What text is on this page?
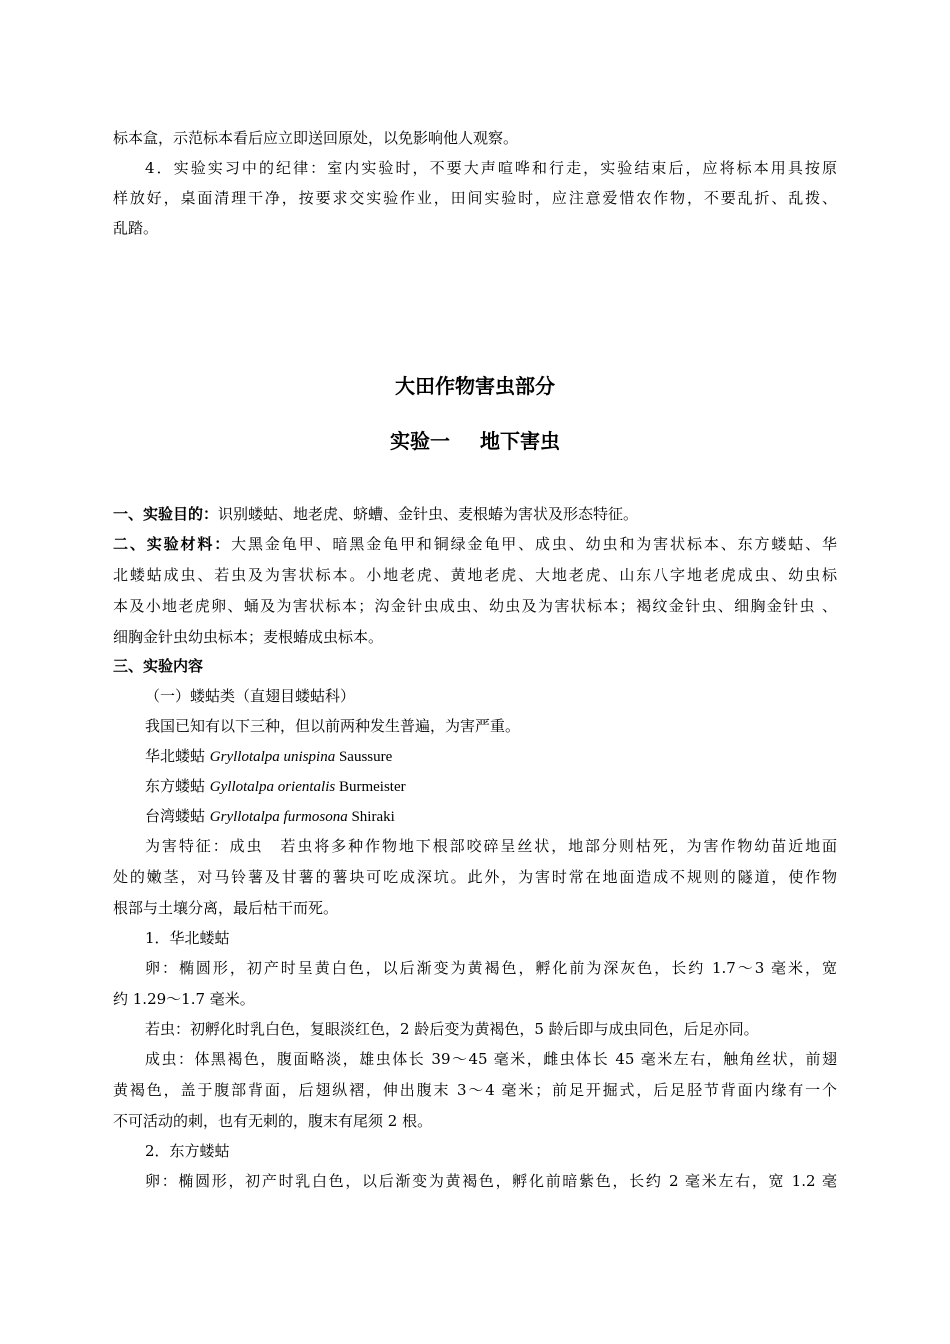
标本盒，示范标本看后应立即送回原处，以免影响他人观察。
4．实验实习中的纪律：室内实验时，不要大声喧哗和行走，实验结束后，应将标本用具按原
样放好，桌面清理干净，按要求交实验作业，田间实验时，应注意爱惜农作物，不要乱折、乱拨、
乱踏。
大田作物害虫部分
实验一 地下害虫
一、实验目的：识别蝼蛄、地老虎、蛴螬、金针虫、麦根蝽为害状及形态特征。
二、实验材料：大黑金龟甲、暗黑金龟甲和铜绿金龟甲、成虫、幼虫和为害状标本、东方蝼蛄、华
北蝼蛄成虫、若虫及为害状标本。小地老虎、黄地老虎、大地老虎、山东八字地老虎成虫、幼虫标
本及小地老虎卵、蛹及为害状标本；沟金针虫成虫、幼虫及为害状标本；褐纹金针虫、细胸金针虫 、
细胸金针虫幼虫标本；麦根蝽成虫标本。
三、实验内容
（一）蝼蛄类（直翅目蝼蛄科）
我国已知有以下三种，但以前两种发生普遍，为害严重。
华北蝼蛄 Gryllotalpa unispina Saussure
东方蝼蛄 Gyllotalpa orientalis Burmeister
台湾蝼蛄 Gryllotalpa furmosona Shiraki
为害特征：成虫　若虫将多种作物地下根部咬碎呈丝状，地部分则枯死，为害作物幼苗近地面
处的嫩茎，对马铃薯及甘薯的薯块可吃成深坑。此外，为害时常在地面造成不规则的隧道，使作物
根部与土壤分离，最后枯干而死。
1．华北蝼蛄
卵：椭圆形，初产时呈黄白色，以后渐变为黄褐色，孵化前为深灰色，长约 1.7～3 毫米，宽
约 1.29～1.7 毫米。
若虫：初孵化时乳白色，复眼淡红色，2 龄后变为黄褐色，5 龄后即与成虫同色，后足亦同。
成虫：体黑褐色，腹面略淡，雄虫体长 39～45 毫米，雌虫体长 45 毫米左右，触角丝状，前翅
黄褐色，盖于腹部背面，后翅纵褶，伸出腹末 3～4 毫米；前足开掘式，后足胫节背面内缘有一个
不可活动的刺，也有无刺的，腹末有尾须 2 根。
2．东方蝼蛄
卵：椭圆形，初产时乳白色，以后渐变为黄褐色，孵化前暗紫色，长约 2 毫米左右，宽 1.2 毫
